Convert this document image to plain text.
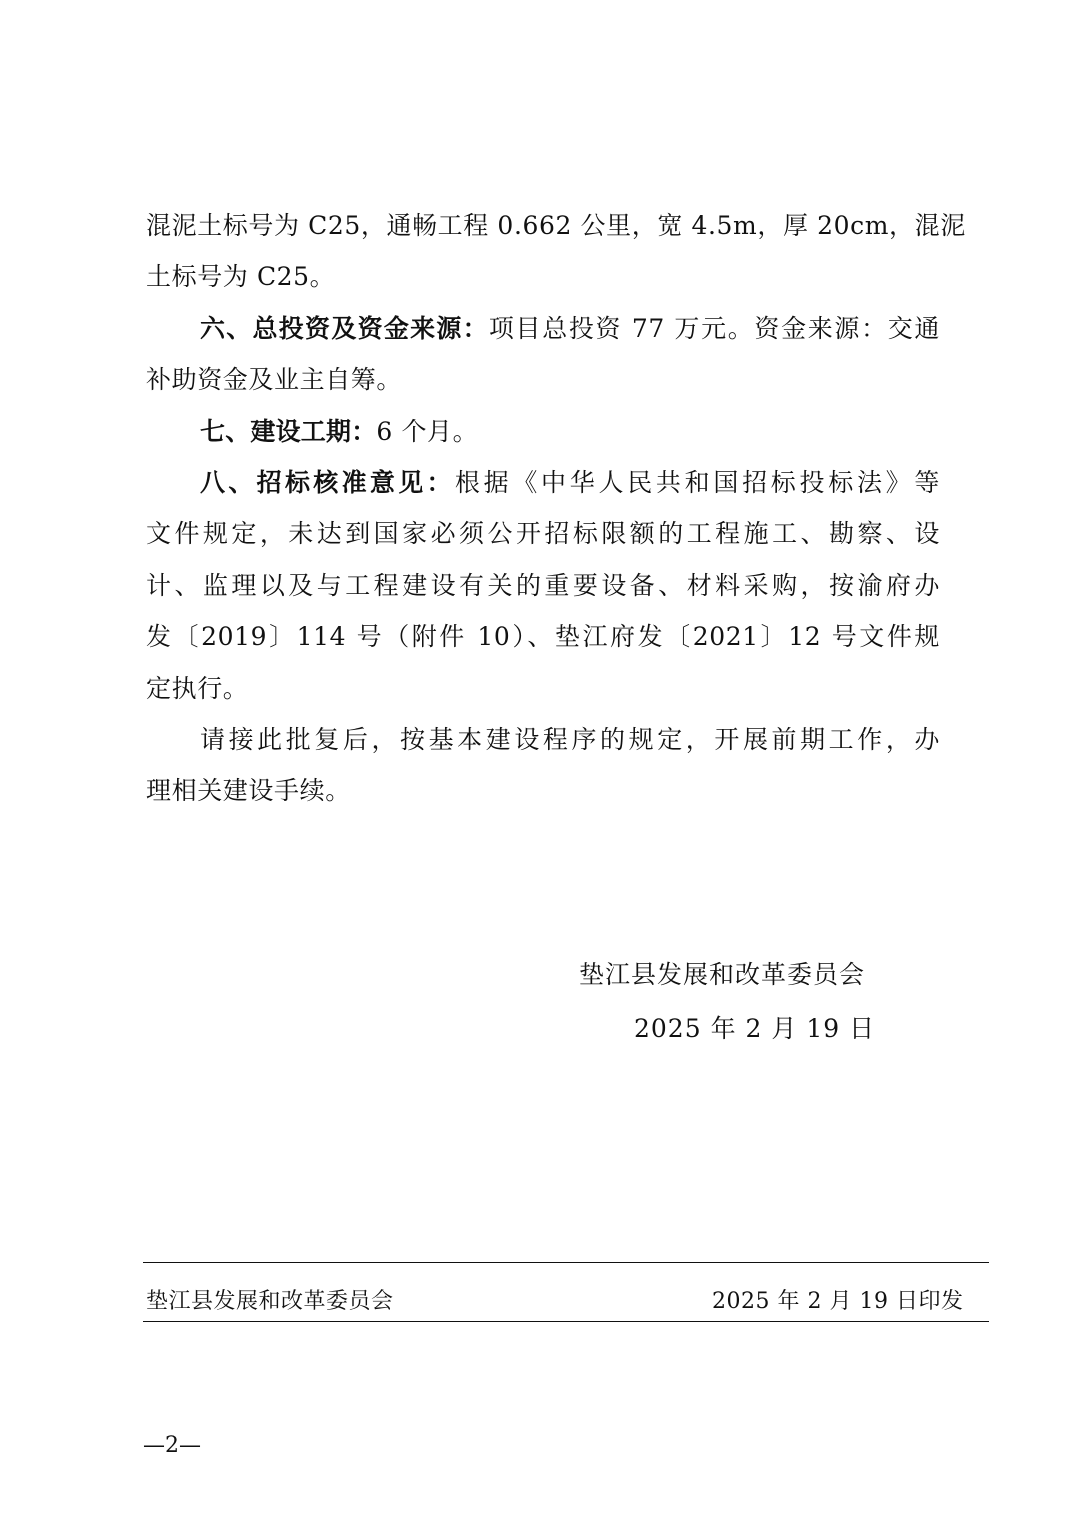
混泥土标号为 C25，通畅工程 0.662 公里，宽 4.5m，厚 20cm，混泥
土标号为 C25。
六、总投资及资金来源：项目总投资 77 万元。资金来源：交通
补助资金及业主自筹。
七、建设工期：6 个月。
八、招标核准意见：根据《中华人民共和国招标投标法》等
文件规定，未达到国家必须公开招标限额的工程施工、勘察、设
计、监理以及与工程建设有关的重要设备、材料采购，按渝府办
发〔2019〕114 号（附件 10）、垫江府发〔2021〕12 号文件规
定执行。
请接此批复后，按基本建设程序的规定，开展前期工作，办
理相关建设手续。
垫江县发展和改革委员会
2025 年 2 月 19 日
垫江县发展和改革委员会	2025 年 2 月 19 日印发
—2—
